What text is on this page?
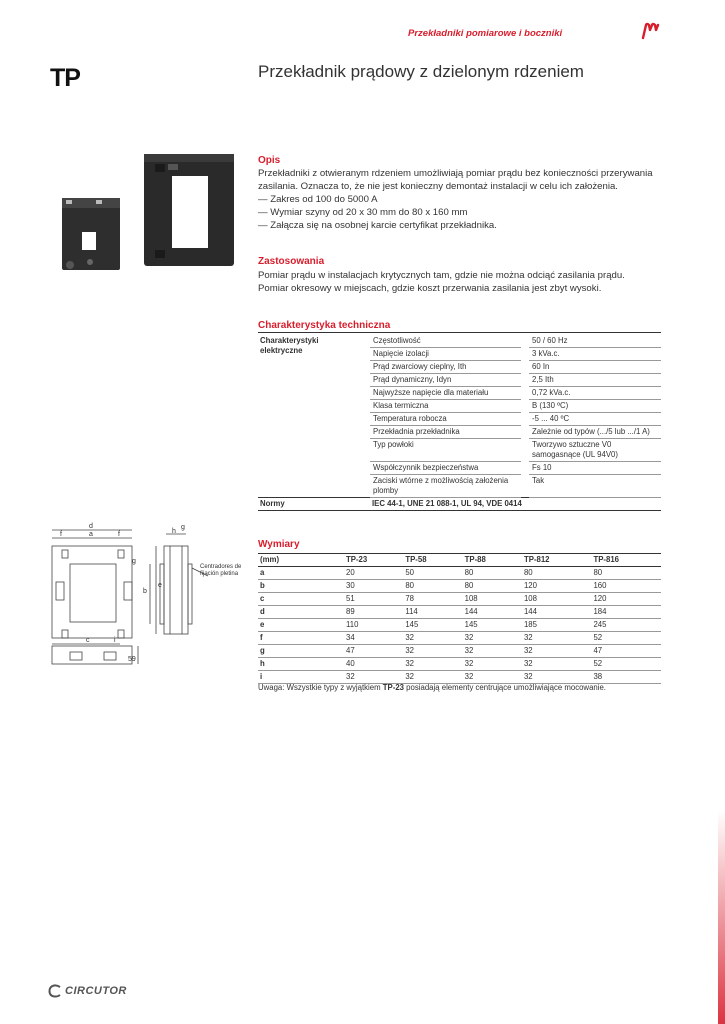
Przekładniki pomiarowe i boczniki
TP	Przekładnik prądowy z dzielonym rdzeniem
Opis
Przekładniki z otwieranym rdzeniem umożliwiają pomiar prądu bez konieczności przerywania zasilania. Oznacza to, że nie jest konieczny demontaż instalacji w celu ich założenia.
— Zakres od 100 do 5000 A
— Wymiar szyny od 20 x 30 mm do 80 x 160 mm
— Załącza się na osobnej karcie certyfikat przekładnika.
Zastosowania
Pomiar prądu w instalacjach krytycznych tam, gdzie nie można odciąć zasilania prądu.
Pomiar okresowy w miejscach, gdzie koszt przerwania zasilania jest zbyt wysoki.
Charakterystyka techniczna
Charakterystyki elektryczne		Częstotliwość		50 / 60 Hz
		Napięcie izolacji		3 kVa.c.
		Prąd zwarciowy cieplny, Ith		60 In
		Prąd dynamiczny, Idyn		2,5 Ith
		Najwyższe napięcie dla materiału		0,72 kVa.c.
		Klasa termiczna		B (130 ºC)
		Temperatura robocza		-5 ... 40 ºC
		Przekładnia przekładnika		Zależnie od typów (.../5 lub .../1 A)
		Typ powłoki		Tworzywo sztuczne V0 samogasnące (UL 94V0)
		Współczynnik bezpieczeństwa		Fs 10
		Zaciski wtórne z możliwością założenia plomby		Tak
Normy		IEC 44-1, UNE 21 088-1, UL 94, VDE 0414		
d
f	a	f
g
h
g
b
e
c	i
59
Centradores de fijación pletina
Wymiary
(mm)	TP-23	TP-58	TP-88	TP-812	TP-816
a	20	50	80	80	80
b	30	80	80	120	160
c	51	78	108	108	120
d	89	114	144	144	184
e	110	145	145	185	245
f	34	32	32	32	52
g	47	32	32	32	47
h	40	32	32	32	52
i	32	32	32	32	38
Uwaga: Wszystkie typy z wyjątkiem TP-23 posiadają elementy centrujące umożliwiające mocowanie.
CIRCUTOR
